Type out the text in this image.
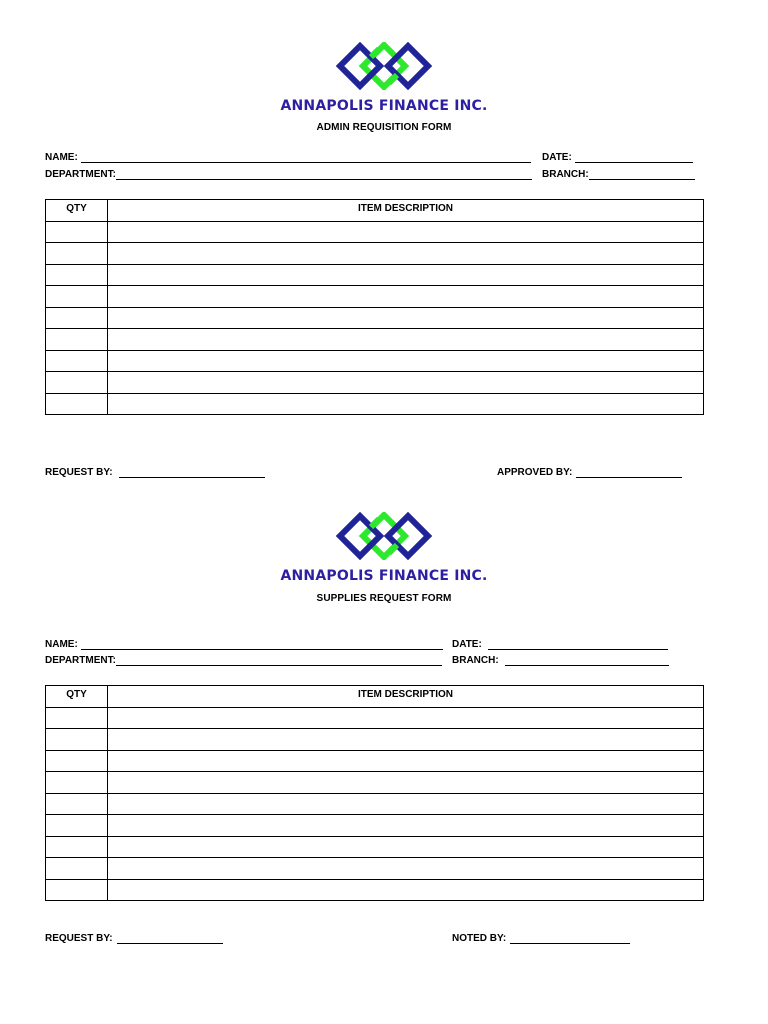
ANNAPOLIS FINANCE INC.
ADMIN REQUISITION FORM
NAME:	DATE:
DEPARTMENT:	BRANCH:
QTY	ITEM DESCRIPTION

REQUEST BY:	APPROVED BY:
ANNAPOLIS FINANCE INC.
SUPPLIES REQUEST FORM
NAME:	DATE:
DEPARTMENT:	BRANCH:
QTY	ITEM DESCRIPTION

REQUEST BY:	NOTED BY:
